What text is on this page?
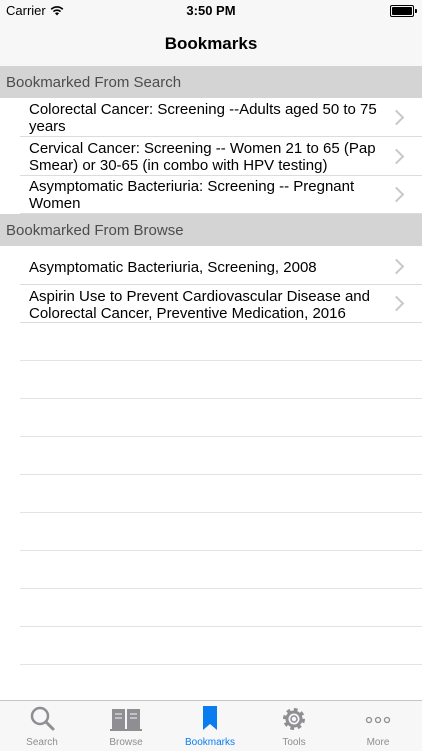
Carrier	3:50 PM
Bookmarks
Bookmarked From Search
Colorectal Cancer: Screening --Adults aged 50 to 75 years
Cervical Cancer: Screening -- Women 21 to 65 (Pap Smear) or 30-65 (in combo with HPV testing)
Asymptomatic Bacteriuria: Screening -- Pregnant Women
Bookmarked From Browse
Asymptomatic Bacteriuria, Screening, 2008
Aspirin Use to Prevent Cardiovascular Disease and Colorectal Cancer, Preventive Medication, 2016
Search	Browse	Bookmarks	Tools	More
